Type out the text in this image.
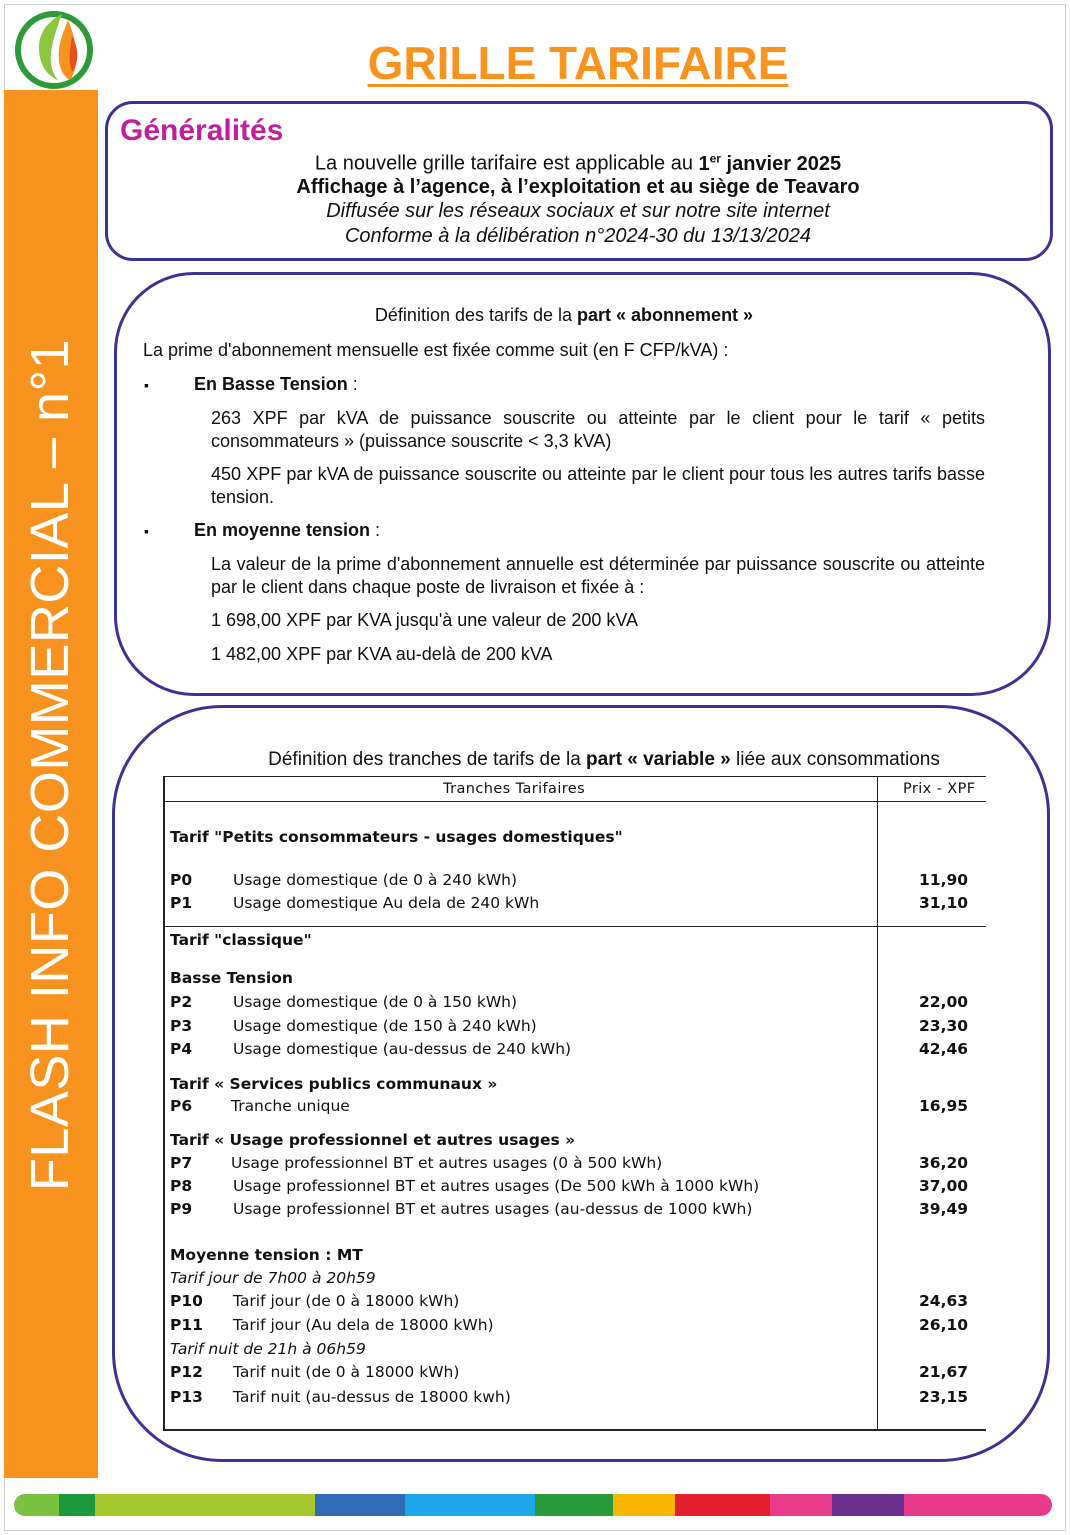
FLASH INFO COMMERCIAL – n°1
GRILLE TARIFAIRE
Généralités
La nouvelle grille tarifaire est applicable au 1er janvier 2025
Affichage à l’agence, à l’exploitation et au siège de Teavaro
Diffusée sur les réseaux sociaux et sur notre site internet
Conforme à la délibération n°2024-30 du 13/13/2024
Définition des tarifs de la part « abonnement »
La prime d'abonnement mensuelle est fixée comme suit (en F CFP/kVA) :
▪	En Basse Tension :
263 XPF par kVA de puissance souscrite ou atteinte par le client pour le tarif « petits consommateurs » (puissance souscrite < 3,3 kVA)
450 XPF par kVA de puissance souscrite ou atteinte par le client pour tous les autres tarifs basse tension.
▪	En moyenne tension :
La valeur de la prime d'abonnement annuelle est déterminée par puissance souscrite ou atteinte par le client dans chaque poste de livraison et fixée à :
1 698,00 XPF par KVA jusqu'à une valeur de 200 kVA
1 482,00 XPF par KVA au-delà de 200 kVA
Définition des tranches de tarifs de la part « variable » liée aux consommations
Tranches Tarifaires	Prix - XPF
Tarif "Petits consommateurs - usages domestiques"
P0	Usage domestique (de 0 à 240 kWh)	11,90
P1	Usage domestique Au dela de 240 kWh	31,10
Tarif "classique"
Basse Tension
P2	Usage domestique (de 0 à 150 kWh)	22,00
P3	Usage domestique (de 150 à 240 kWh)	23,30
P4	Usage domestique (au-dessus de 240 kWh)	42,46
Tarif « Services publics communaux »
P6	Tranche unique	16,95
Tarif « Usage professionnel et autres usages »
P7	Usage professionnel BT et autres usages (0 à 500 kWh)	36,20
P8	Usage professionnel BT et autres usages (De 500 kWh à 1000 kWh)	37,00
P9	Usage professionnel BT et autres usages (au-dessus de 1000 kWh)	39,49
Moyenne tension : MT
Tarif jour de 7h00 à 20h59
P10 Tarif jour (de 0 à 18000 kWh)	24,63
P11 Tarif jour (Au dela de 18000 kWh)	26,10
Tarif nuit de 21h à 06h59
P12 Tarif nuit (de 0 à 18000 kWh)	21,67
P13 Tarif nuit (au-dessus de 18000 kwh)	23,15
